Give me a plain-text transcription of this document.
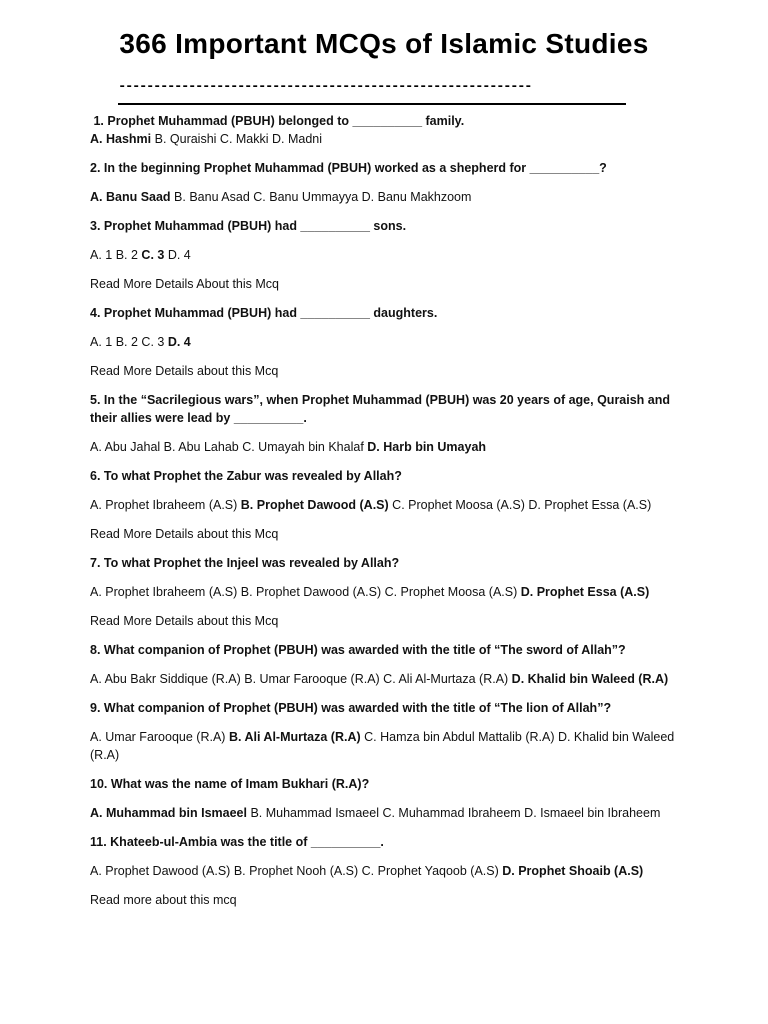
366 Important MCQs of Islamic Studies
-----------------------------------------------------------

1. Prophet Muhammad (PBUH) belonged to __________ family.

A. Hashmi B. Quraishi C. Makki D. Madni

2. In the beginning Prophet Muhammad (PBUH) worked as a shepherd for __________?

A. Banu Saad B. Banu Asad C. Banu Ummayya D. Banu Makhzoom

3. Prophet Muhammad (PBUH) had __________ sons.

A. 1 B. 2 C. 3 D. 4

Read More Details About this Mcq

4. Prophet Muhammad (PBUH) had __________ daughters.

A. 1 B. 2 C. 3 D. 4

Read More Details about this Mcq

5. In the “Sacrilegious wars”, when Prophet Muhammad (PBUH) was 20 years of age, Quraish and their allies were lead by __________.

A. Abu Jahal B. Abu Lahab C. Umayah bin Khalaf D. Harb bin Umayah

6. To what Prophet the Zabur was revealed by Allah?

A. Prophet Ibraheem (A.S) B. Prophet Dawood (A.S) C. Prophet Moosa (A.S) D. Prophet Essa (A.S)

Read More Details about this Mcq

7. To what Prophet the Injeel was revealed by Allah?

A. Prophet Ibraheem (A.S) B. Prophet Dawood (A.S) C. Prophet Moosa (A.S) D. Prophet Essa (A.S)

Read More Details about this Mcq

8. What companion of Prophet (PBUH) was awarded with the title of “The sword of Allah”?

A. Abu Bakr Siddique (R.A) B. Umar Farooque (R.A) C. Ali Al-Murtaza (R.A) D. Khalid bin Waleed (R.A)

9. What companion of Prophet (PBUH) was awarded with the title of “The lion of Allah”?

A. Umar Farooque (R.A) B. Ali Al-Murtaza (R.A) C. Hamza bin Abdul Mattalib (R.A) D. Khalid bin Waleed (R.A)

10. What was the name of Imam Bukhari (R.A)?

A. Muhammad bin Ismaeel B. Muhammad Ismaeel C. Muhammad Ibraheem D. Ismaeel bin Ibraheem

11. Khateeb-ul-Ambia was the title of __________.

A. Prophet Dawood (A.S) B. Prophet Nooh (A.S) C. Prophet Yaqoob (A.S) D. Prophet Shoaib (A.S)

Read more about this mcq
